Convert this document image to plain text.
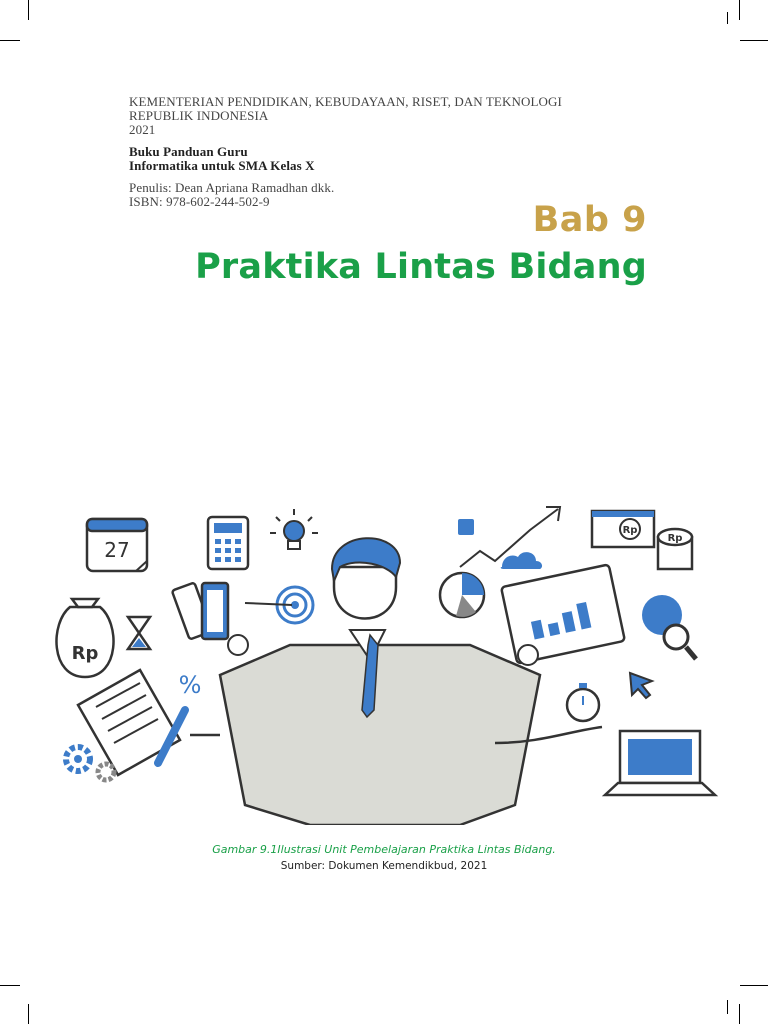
KEMENTERIAN PENDIDIKAN, KEBUDAYAAN, RISET, DAN TEKNOLOGI
REPUBLIK INDONESIA
2021
Buku Panduan Guru
Informatika untuk SMA Kelas X
Penulis: Dean Apriana Ramadhan dkk.
ISBN: 978-602-244-502-9	Bab 9
Praktika Lintas Bidang
27
Rp
%
Rp
Rp
Gambar 9.1Ilustrasi Unit Pembelajaran Praktika Lintas Bidang.
Sumber: Dokumen Kemendikbud, 2021
